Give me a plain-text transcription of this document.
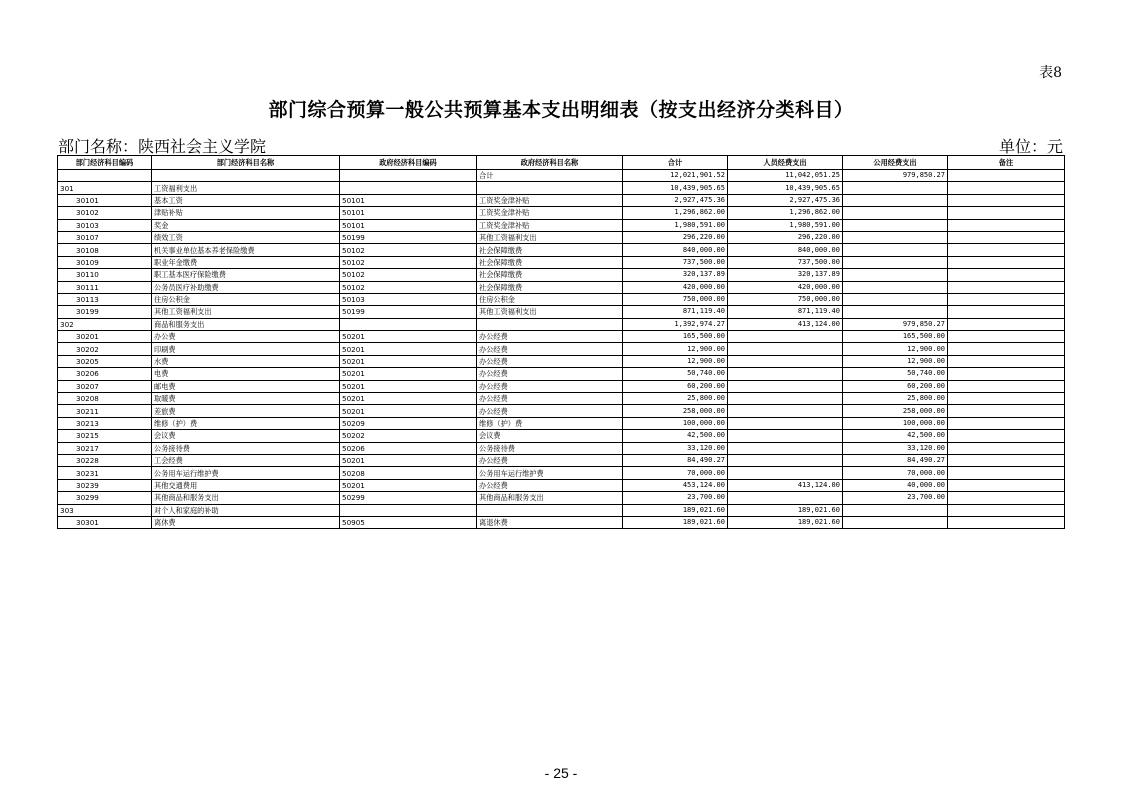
表8
部门综合预算一般公共预算基本支出明细表（按支出经济分类科目）
部门名称：陕西社会主义学院	单位：元
部门经济科目编码	部门经济科目名称	政府经济科目编码	政府经济科目名称	合计	人员经费支出	公用经费支出	备注
			合计	12,021,901.52	11,042,051.25	979,850.27	
301	工资福利支出			10,439,905.65	10,439,905.65		
30101	基本工资	50101	工资奖金津补贴	2,927,475.36	2,927,475.36		
30102	津贴补贴	50101	工资奖金津补贴	1,296,862.00	1,296,862.00		
30103	奖金	50101	工资奖金津补贴	1,980,591.00	1,980,591.00		
30107	绩效工资	50199	其他工资福利支出	296,220.00	296,220.00		
30108	机关事业单位基本养老保险缴费	50102	社会保障缴费	840,000.00	840,000.00		
30109	职业年金缴费	50102	社会保障缴费	737,500.00	737,500.00		
30110	职工基本医疗保险缴费	50102	社会保障缴费	320,137.89	320,137.89		
30111	公务员医疗补助缴费	50102	社会保障缴费	420,000.00	420,000.00		
30113	住房公积金	50103	住房公积金	750,000.00	750,000.00		
30199	其他工资福利支出	50199	其他工资福利支出	871,119.40	871,119.40		
302	商品和服务支出			1,392,974.27	413,124.00	979,850.27	
30201	办公费	50201	办公经费	165,500.00		165,500.00	
30202	印刷费	50201	办公经费	12,900.00		12,900.00	
30205	水费	50201	办公经费	12,900.00		12,900.00	
30206	电费	50201	办公经费	50,740.00		50,740.00	
30207	邮电费	50201	办公经费	60,200.00		60,200.00	
30208	取暖费	50201	办公经费	25,800.00		25,800.00	
30211	差旅费	50201	办公经费	258,000.00		258,000.00	
30213	维修（护）费	50209	维修（护）费	100,000.00		100,000.00	
30215	会议费	50202	会议费	42,500.00		42,500.00	
30217	公务接待费	50206	公务接待费	33,120.00		33,120.00	
30228	工会经费	50201	办公经费	84,490.27		84,490.27	
30231	公务用车运行维护费	50208	公务用车运行维护费	70,000.00		70,000.00	
30239	其他交通费用	50201	办公经费	453,124.00	413,124.00	40,000.00	
30299	其他商品和服务支出	50299	其他商品和服务支出	23,700.00		23,700.00	
303	对个人和家庭的补助			189,021.60	189,021.60		
30301	离休费	50905	离退休费	189,021.60	189,021.60		
- 25 -
